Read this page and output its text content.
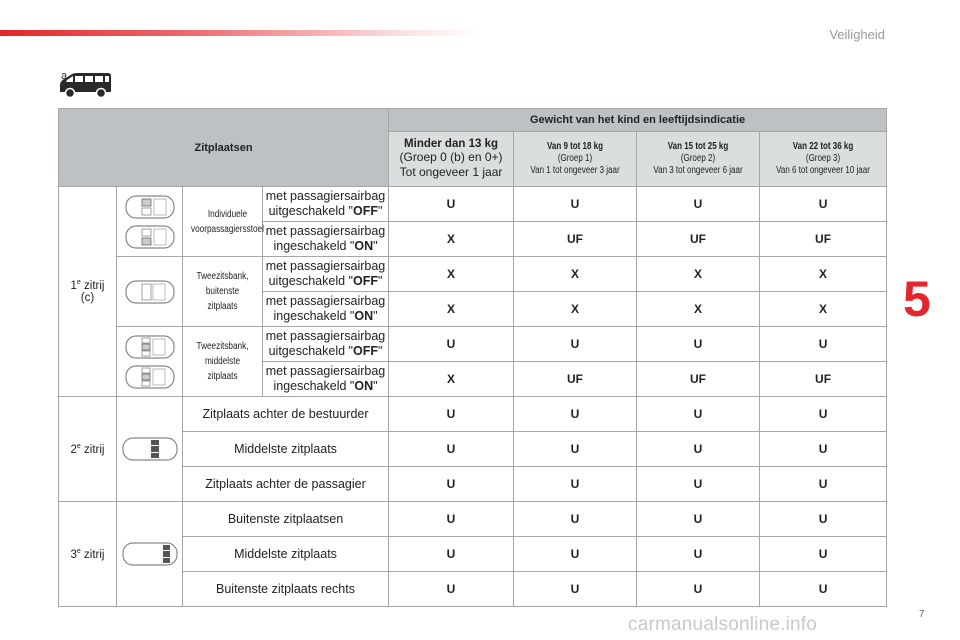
Veiligheid
5
7
carmanualsonline.info
a
Zitplaatsen				Gewicht van het kind en leeftijdsindicatie			

				Minder dan 13 kg
(Groep 0 (b) en 0+)
Tot ongeveer 1 jaar	Van 9 tot 18 kg
(Groep 1)
Van 1 tot ongeveer 3 jaar	Van 15 tot 25 kg
(Groep 2)
Van 3 tot ongeveer 6 jaar	Van 22 tot 36 kg
(Groep 3)
Van 6 tot ongeveer 10 jaar

1e zitrij
(c)		Individuele voorpassagiersstoel	met passagiersairbag
uitgeschakeld "OFF"	U	U	U	U
			met passagiersairbag
ingeschakeld "ON"	X	UF	UF	UF

	Tweezitsbank, buitenste zitplaats	met passagiersairbag
uitgeschakeld "OFF"	X	X	X	X
			met passagiersairbag
ingeschakeld "ON"	X	X	X	X

	Tweezitsbank, middelste zitplaats	met passagiersairbag
uitgeschakeld "OFF"	U	U	U	U
			met passagiersairbag
ingeschakeld "ON"	X	UF	UF	UF
2e zitrij		Zitplaats achter de bestuurder		U	U	U	U
		Middelste zitplaats		U	U	U	U
		Zitplaats achter de passagier		U	U	U	U
3e zitrij		Buitenste zitplaatsen		U	U	U	U
		Middelste zitplaats		U	U	U	U
		Buitenste zitplaats rechts		U	U	U	U
